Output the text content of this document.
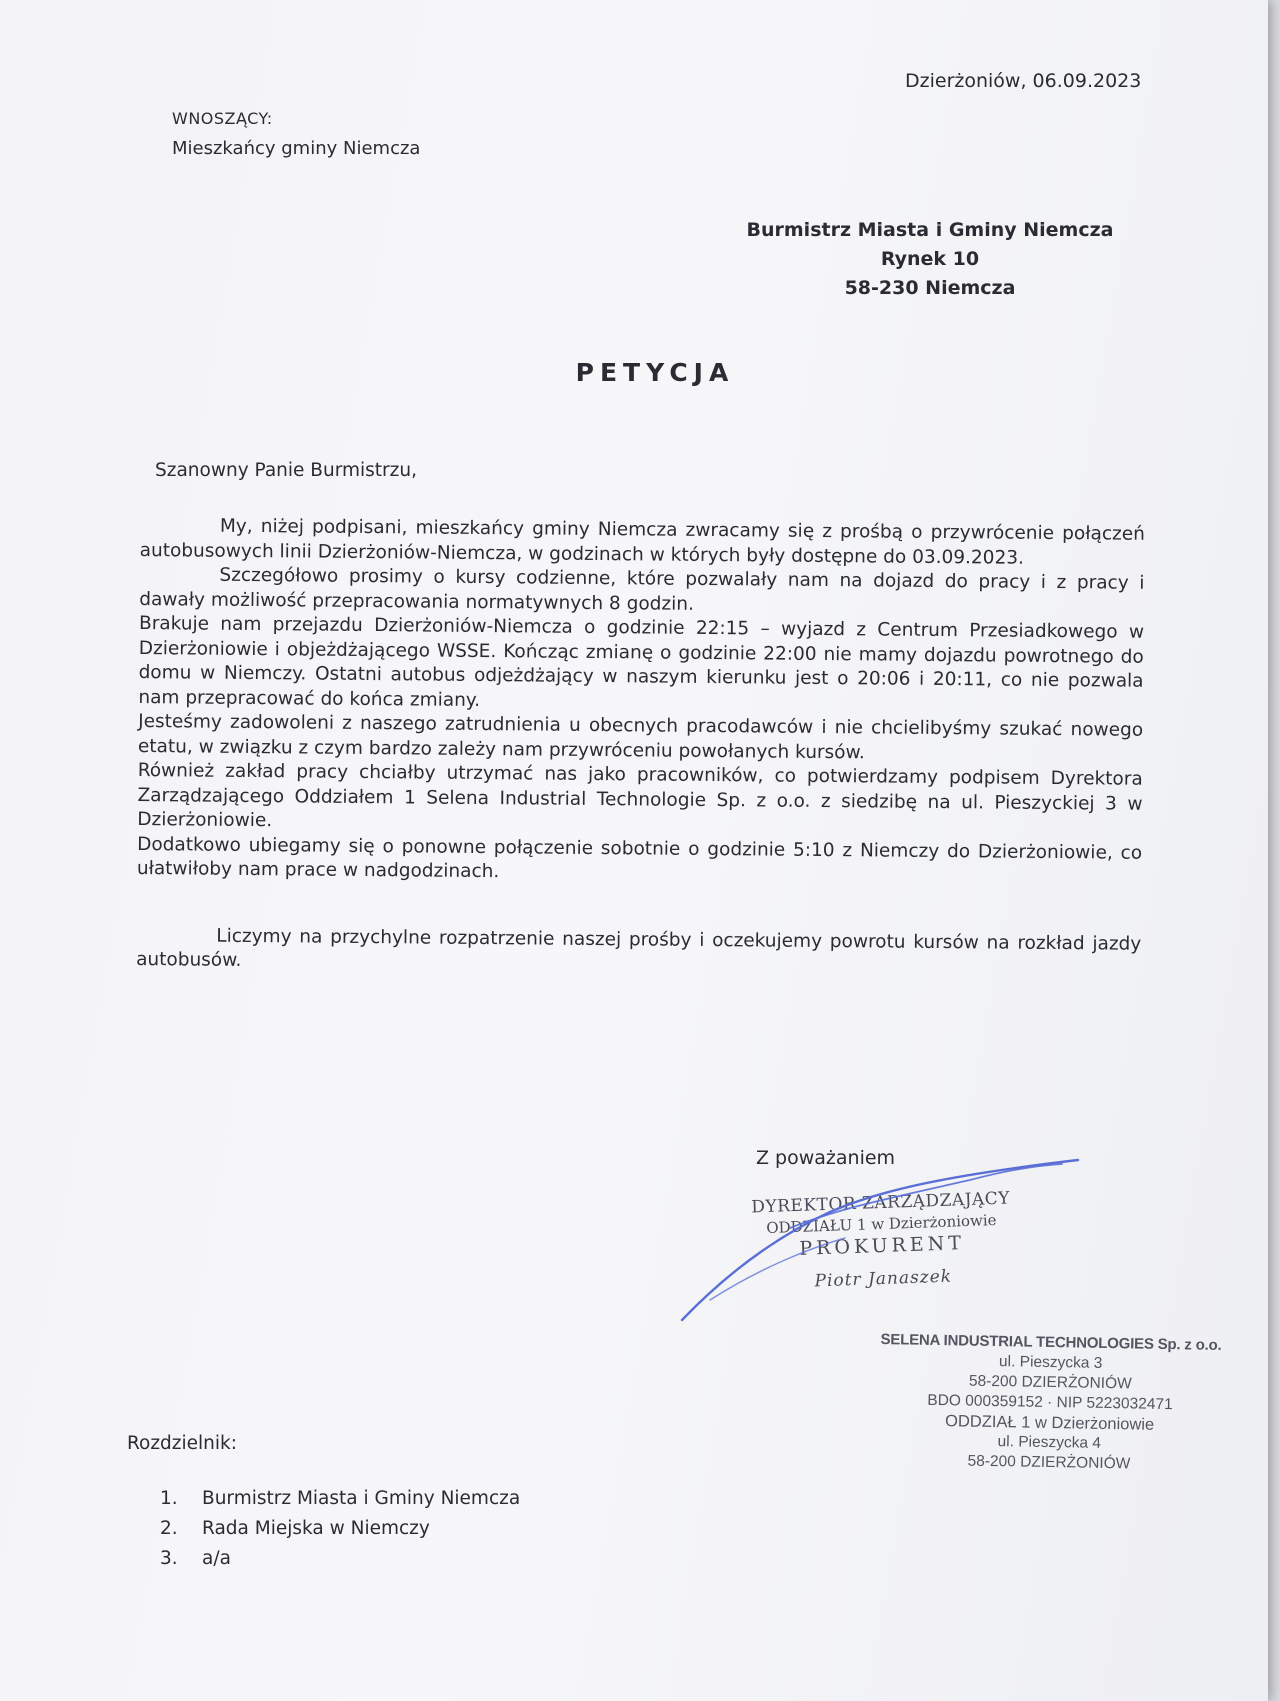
Dzierżoniów, 06.09.2023
WNOSZĄCY:
Mieszkańcy gminy Niemcza
Burmistrz Miasta i Gminy Niemcza
Rynek 10
58-230 Niemcza
PETYCJA
Szanowny Panie Burmistrzu,

My, niżej podpisani, mieszkańcy gminy Niemcza zwracamy się z prośbą o przywrócenie połączeń autobusowych linii Dzierżoniów-Niemcza, w godzinach w których były dostępne do 03.09.2023.

Szczegółowo prosimy o kursy codzienne, które pozwalały nam na dojazd do pracy i z pracy i dawały możliwość przepracowania normatywnych 8 godzin.

Brakuje nam przejazdu Dzierżoniów-Niemcza o godzinie 22:15 – wyjazd z Centrum Przesiadkowego w Dzierżoniowie i objeżdżającego WSSE. Kończąc zmianę o godzinie 22:00 nie mamy dojazdu powrotnego do domu w Niemczy. Ostatni autobus odjeżdżający w naszym kierunku jest o 20:06 i 20:11, co nie pozwala nam przepracować do końca zmiany.

Jesteśmy zadowoleni z naszego zatrudnienia u obecnych pracodawców i nie chcielibyśmy szukać nowego etatu, w związku z czym bardzo zależy nam przywróceniu powołanych kursów.

Również zakład pracy chciałby utrzymać nas jako pracowników, co potwierdzamy podpisem Dyrektora Zarządzającego Oddziałem 1 Selena Industrial Technologie Sp. z o.o. z siedzibę na ul. Pieszyckiej 3 w Dzierżoniowie.

Dodatkowo ubiegamy się o ponowne połączenie sobotnie o godzinie 5:10 z Niemczy do Dzierżoniowie, co ułatwiłoby nam prace w nadgodzinach.

Liczymy na przychylne rozpatrzenie naszej prośby i oczekujemy powrotu kursów na rozkład jazdy autobusów.

Z poważaniem
DYREKTOR ZARZĄDZAJĄCY
ODDZIAŁU 1 w Dzierżoniowie
PROKURENT
Piotr Janaszek
SELENA INDUSTRIAL TECHNOLOGIES Sp. z o.o.
ul. Pieszycka 3
58-200 DZIERŻONIÓW
BDO 000359152 · NIP 5223032471
ODDZIAŁ 1 w Dzierżoniowie
ul. Pieszycka 4
58-200 DZIERŻONIÓW
Rozdzielnik:
1.	Burmistrz Miasta i Gminy Niemcza
2.	Rada Miejska w Niemczy
3.	a/a
